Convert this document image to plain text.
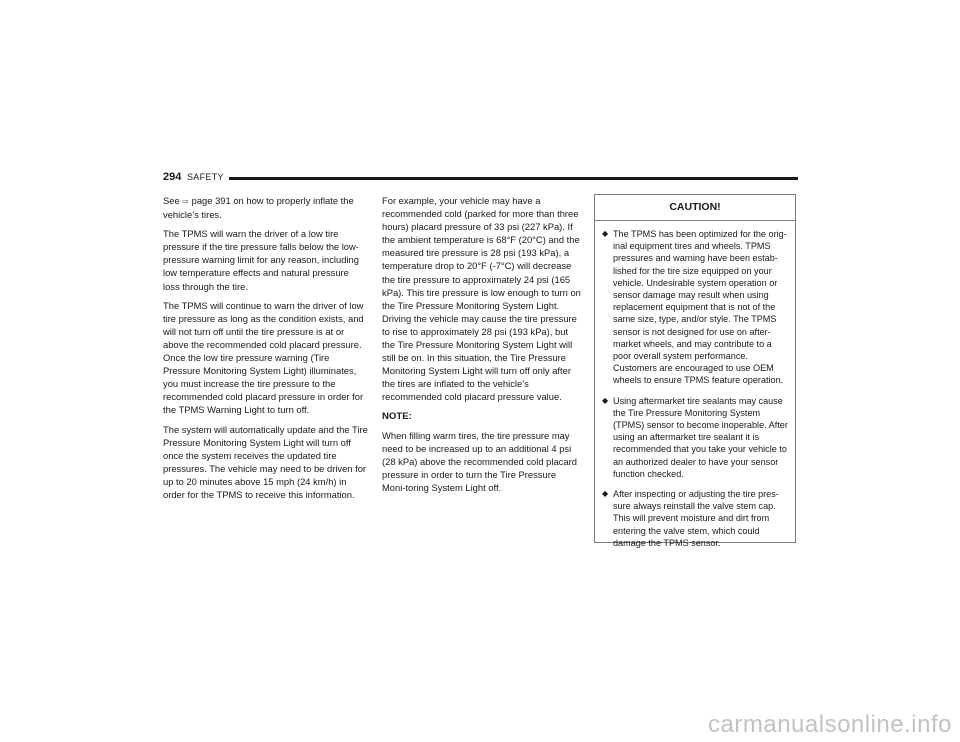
294 SAFETY

See ⇨ page 391 on how to properly inflate the vehicle’s tires.

The TPMS will warn the driver of a low tire pressure if the tire pressure falls below the low-pressure warning limit for any reason, including low temperature effects and natural pressure loss through the tire.

The TPMS will continue to warn the driver of low tire pressure as long as the condition exists, and will not turn off until the tire pressure is at or above the recommended cold placard pressure. Once the low tire pressure warning (Tire Pressure Monitoring System Light) illuminates, you must increase the tire pressure to the recommended cold placard pressure in order for the TPMS Warning Light to turn off.

The system will automatically update and the Tire Pressure Monitoring System Light will turn off once the system receives the updated tire pressures. The vehicle may need to be driven for up to 20 minutes above 15 mph (24 km/h) in order for the TPMS to receive this information.

For example, your vehicle may have a recommended cold (parked for more than three hours) placard pressure of 33 psi (227 kPa). If the ambient temperature is 68°F (20°C) and the measured tire pressure is 28 psi (193 kPa), a temperature drop to 20°F (-7°C) will decrease the tire pressure to approximately 24 psi (165 kPa). This tire pressure is low enough to turn on the Tire Pressure Monitoring System Light. Driving the vehicle may cause the tire pressure to rise to approximately 28 psi (193 kPa), but the Tire Pressure Monitoring System Light will still be on. In this situation, the Tire Pressure Monitoring System Light will turn off only after the tires are inflated to the vehicle’s recommended cold placard pressure value.

NOTE:

When filling warm tires, the tire pressure may need to be increased up to an additional 4 psi (28 kPa) above the recommended cold placard pressure in order to turn the Tire Pressure Moni-toring System Light off.

CAUTION!
◆ The TPMS has been optimized for the orig-inal equipment tires and wheels. TPMS pressures and warning have been estab-lished for the tire size equipped on your vehicle. Undesirable system operation or sensor damage may result when using replacement equipment that is not of the same size, type, and/or style. The TPMS sensor is not designed for use on after-market wheels, and may contribute to a poor overall system performance. Customers are encouraged to use OEM wheels to ensure TPMS feature operation.
◆ Using aftermarket tire sealants may cause the Tire Pressure Monitoring System (TPMS) sensor to become inoperable. After using an aftermarket tire sealant it is recommended that you take your vehicle to an authorized dealer to have your sensor function checked.
◆ After inspecting or adjusting the tire pres-sure always reinstall the valve stem cap. This will prevent moisture and dirt from entering the valve stem, which could damage the TPMS sensor.
carmanualsonline.info
